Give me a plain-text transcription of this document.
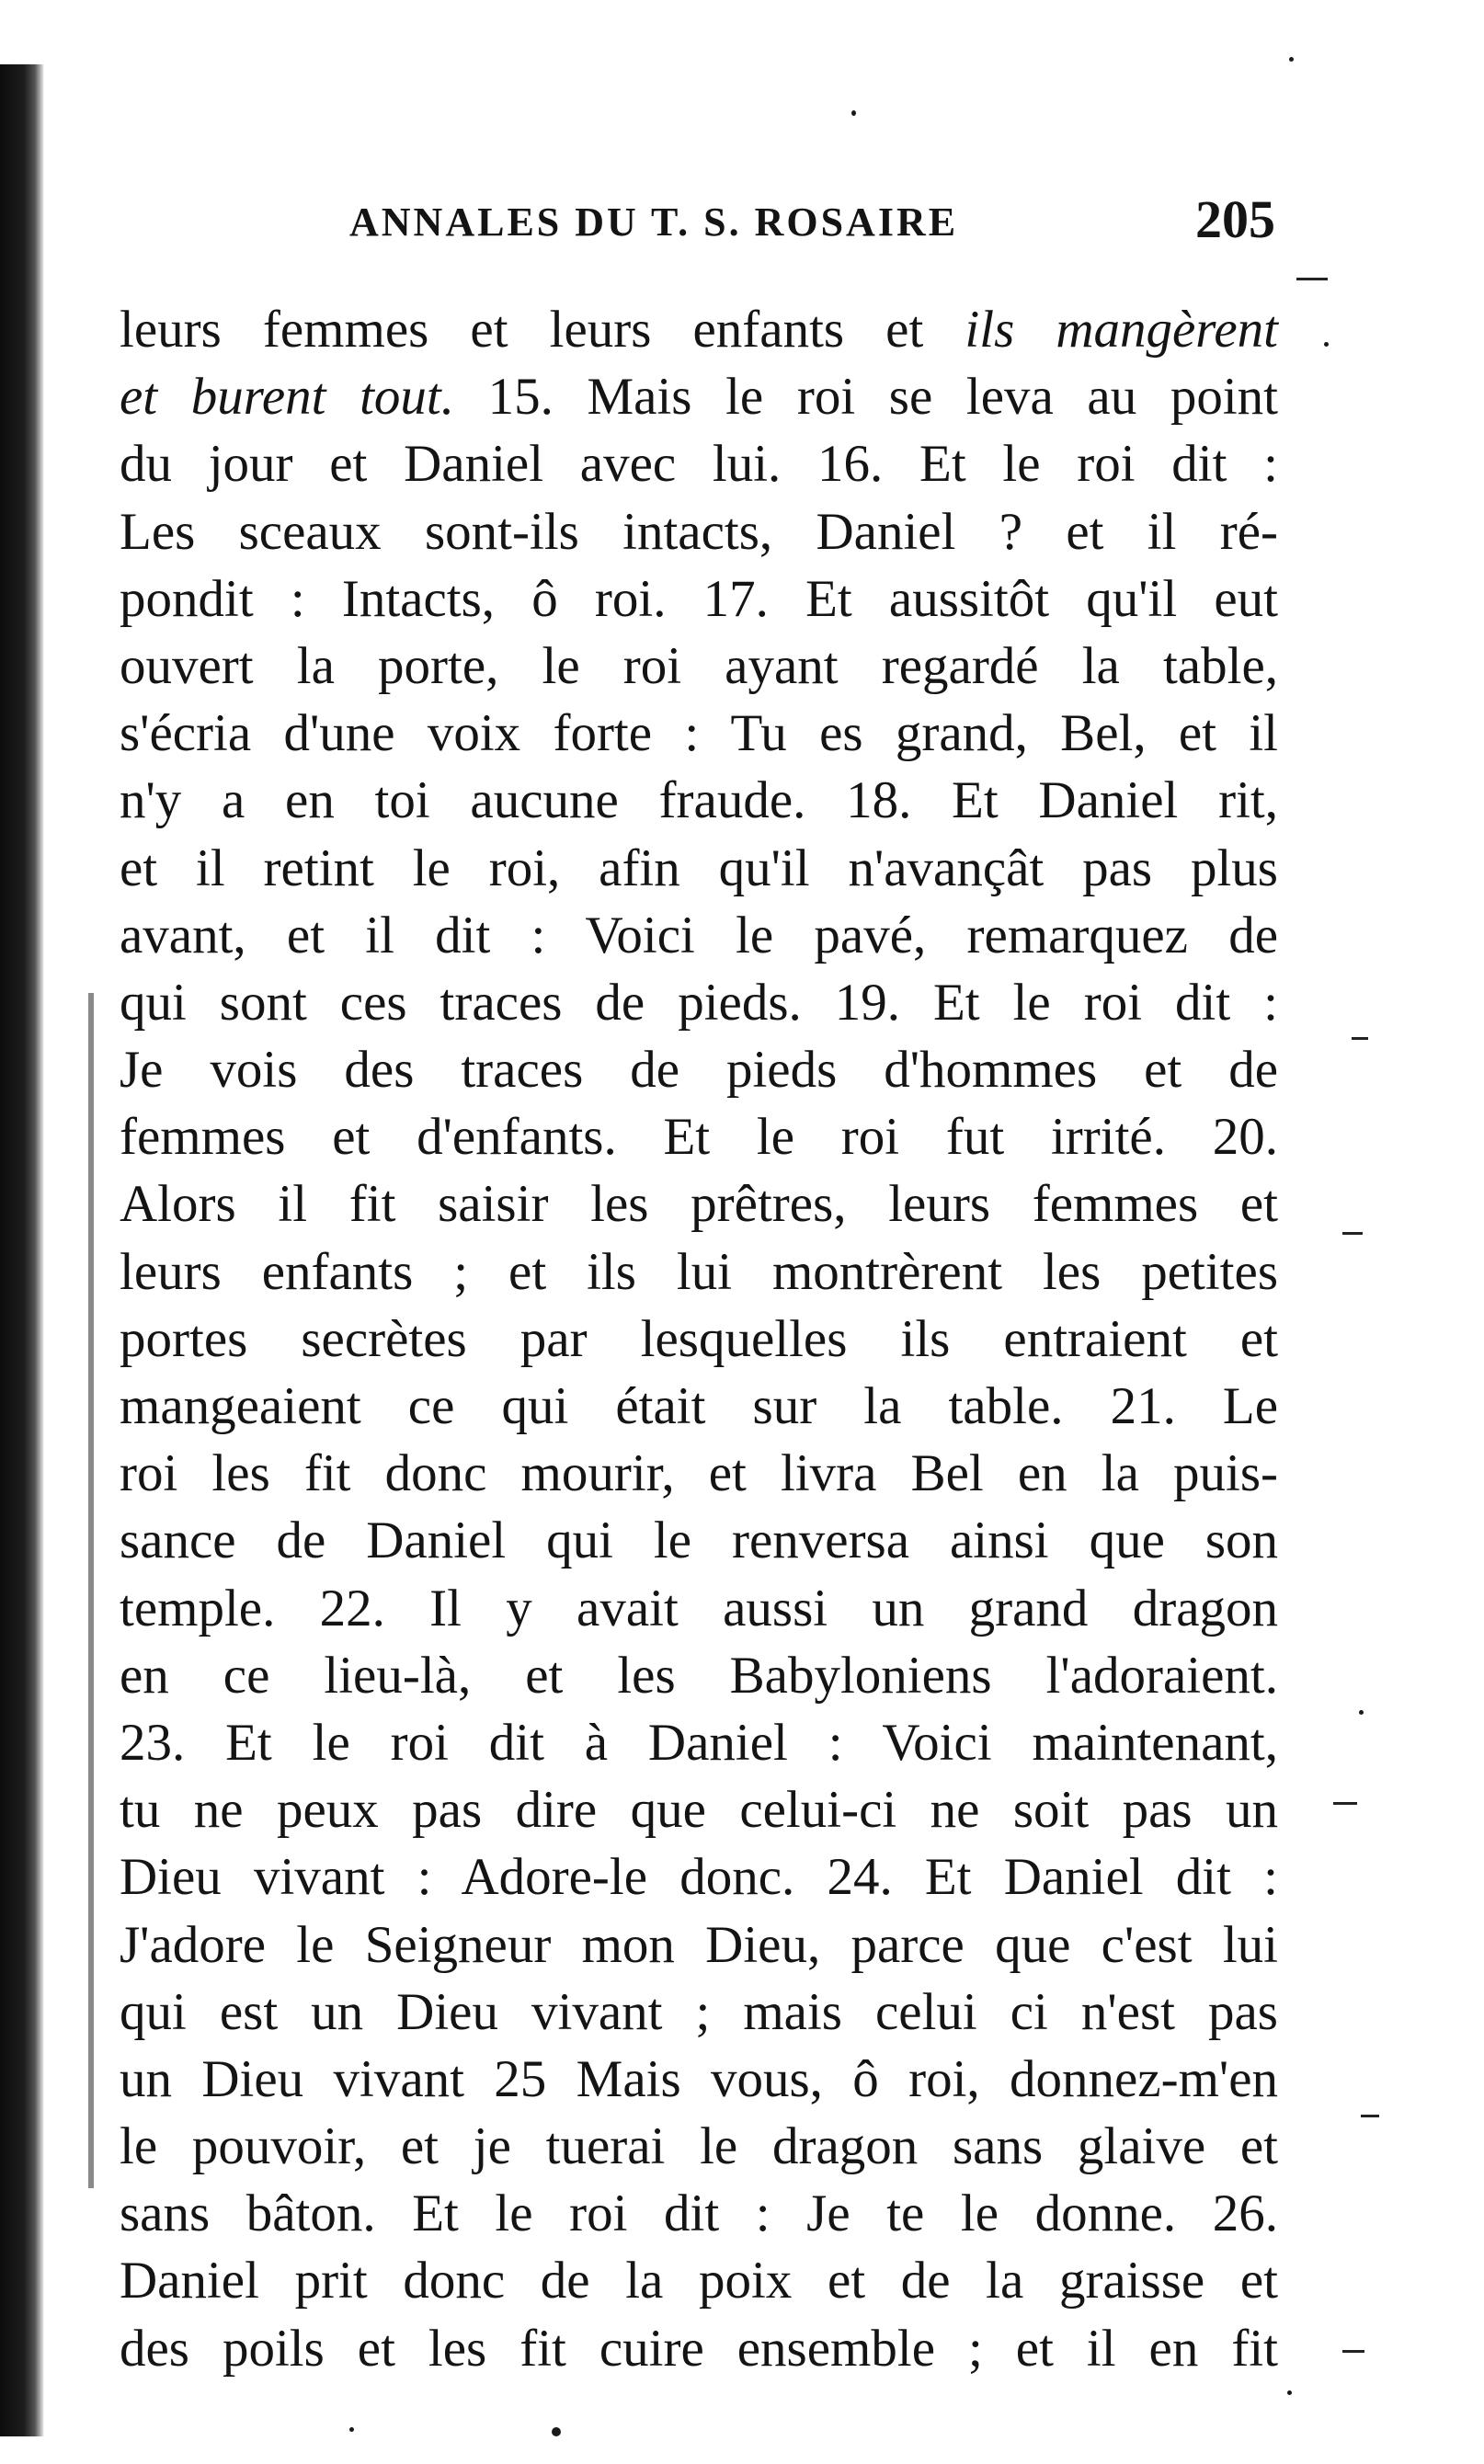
ANNALES DU T. S. ROSAIRE	205
leurs femmes et leurs enfants et ils mangèrent
et burent tout. 15. Mais le roi se leva au point
du jour et Daniel avec lui. 16. Et le roi dit :
Les sceaux sont-ils intacts, Daniel ? et il ré-
pondit : Intacts, ô roi. 17. Et aussitôt qu'il eut
ouvert la porte, le roi ayant regardé la table,
s'écria d'une voix forte : Tu es grand, Bel, et il
n'y a en toi aucune fraude. 18. Et Daniel rit,
et il retint le roi, afin qu'il n'avançât pas plus
avant, et il dit : Voici le pavé, remarquez de
qui sont ces traces de pieds. 19. Et le roi dit :
Je vois des traces de pieds d'hommes et de
femmes et d'enfants. Et le roi fut irrité. 20.
Alors il fit saisir les prêtres, leurs femmes et
leurs enfants ; et ils lui montrèrent les petites
portes secrètes par lesquelles ils entraient et
mangeaient ce qui était sur la table. 21. Le
roi les fit donc mourir, et livra Bel en la puis-
sance de Daniel qui le renversa ainsi que son
temple. 22. Il y avait aussi un grand dragon
en ce lieu-là, et les Babyloniens l'adoraient.
23. Et le roi dit à Daniel : Voici maintenant,
tu ne peux pas dire que celui-ci ne soit pas un
Dieu vivant : Adore-le donc. 24. Et Daniel dit :
J'adore le Seigneur mon Dieu, parce que c'est lui
qui est un Dieu vivant ; mais celui ci n'est pas
un Dieu vivant 25 Mais vous, ô roi, donnez-m'en
le pouvoir, et je tuerai le dragon sans glaive et
sans bâton. Et le roi dit : Je te le donne. 26.
Daniel prit donc de la poix et de la graisse et
des poils et les fit cuire ensemble ; et il en fit
